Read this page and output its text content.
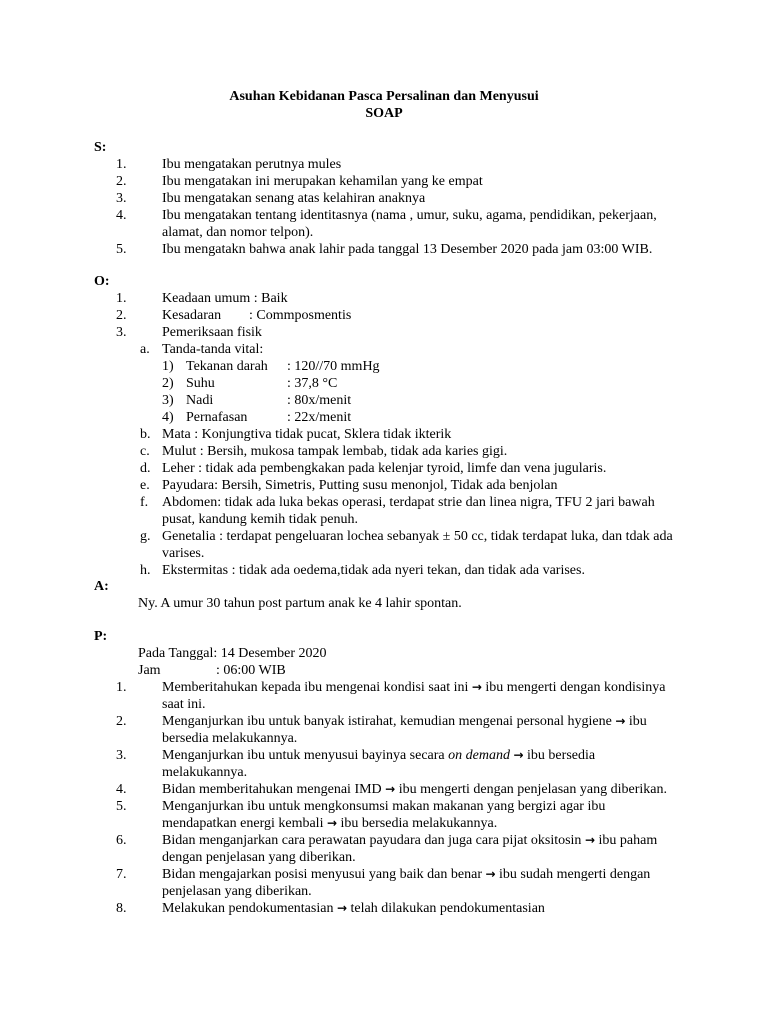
Asuhan Kebidanan Pasca Persalinan dan Menyusui
SOAP
S:
1.	Ibu mengatakan perutnya mules
2.	Ibu mengatakan ini merupakan kehamilan yang ke empat
3.	Ibu mengatakan senang atas kelahiran anaknya
4.	Ibu mengatakan tentang identitasnya (nama , umur, suku, agama, pendidikan, pekerjaan, alamat, dan nomor telpon).
5.	Ibu mengatakn bahwa anak lahir pada tanggal 13 Desember 2020 pada jam 03:00 WIB.
O:
1.	Keadaan umum : Baik
2.	Kesadaran : Commposmentis
3.	Pemeriksaan fisik
a. Tanda-tanda vital:
1) Tekanan darah : 120//70 mmHg
2) Suhu	: 37,8 °C
3) Nadi	: 80x/menit
4) Pernafasan	: 22x/menit
b. Mata : Konjungtiva tidak pucat, Sklera tidak ikterik
c. Mulut : Bersih, mukosa tampak lembab, tidak ada karies gigi.
d. Leher : tidak ada pembengkakan pada kelenjar tyroid, limfe dan vena jugularis.
e. Payudara: Bersih, Simetris, Putting susu menonjol, Tidak ada benjolan
f. Abdomen: tidak ada luka bekas operasi, terdapat strie dan linea nigra, TFU 2 jari bawah pusat, kandung kemih tidak penuh.
g. Genetalia : terdapat pengeluaran lochea sebanyak ± 50 cc, tidak terdapat luka, dan tdak ada varises.
h. Ekstermitas : tidak ada oedema,tidak ada nyeri tekan, dan tidak ada varises.
A:
Ny. A umur 30 tahun post partum anak ke 4 lahir spontan.
P:
Pada Tanggal: 14 Desember 2020
Jam	: 06:00 WIB
1.	Memberitahukan kepada ibu mengenai kondisi saat ini → ibu mengerti dengan kondisinya saat ini.
2.	Menganjurkan ibu untuk banyak istirahat, kemudian mengenai personal hygiene → ibu bersedia melakukannya.
3.	Menganjurkan ibu untuk menyusui bayinya secara on demand → ibu bersedia melakukannya.
4.	Bidan memberitahukan mengenai IMD → ibu mengerti dengan penjelasan yang diberikan.
5.	Menganjurkan ibu untuk mengkonsumsi makan makanan yang bergizi agar ibu mendapatkan energi kembali → ibu bersedia melakukannya.
6.	Bidan menganjarkan cara perawatan payudara dan juga cara pijat oksitosin → ibu paham dengan penjelasan yang diberikan.
7.	Bidan mengajarkan posisi menyusui yang baik dan benar → ibu sudah mengerti dengan penjelasan yang diberikan.
8.	Melakukan pendokumentasian → telah dilakukan pendokumentasian
